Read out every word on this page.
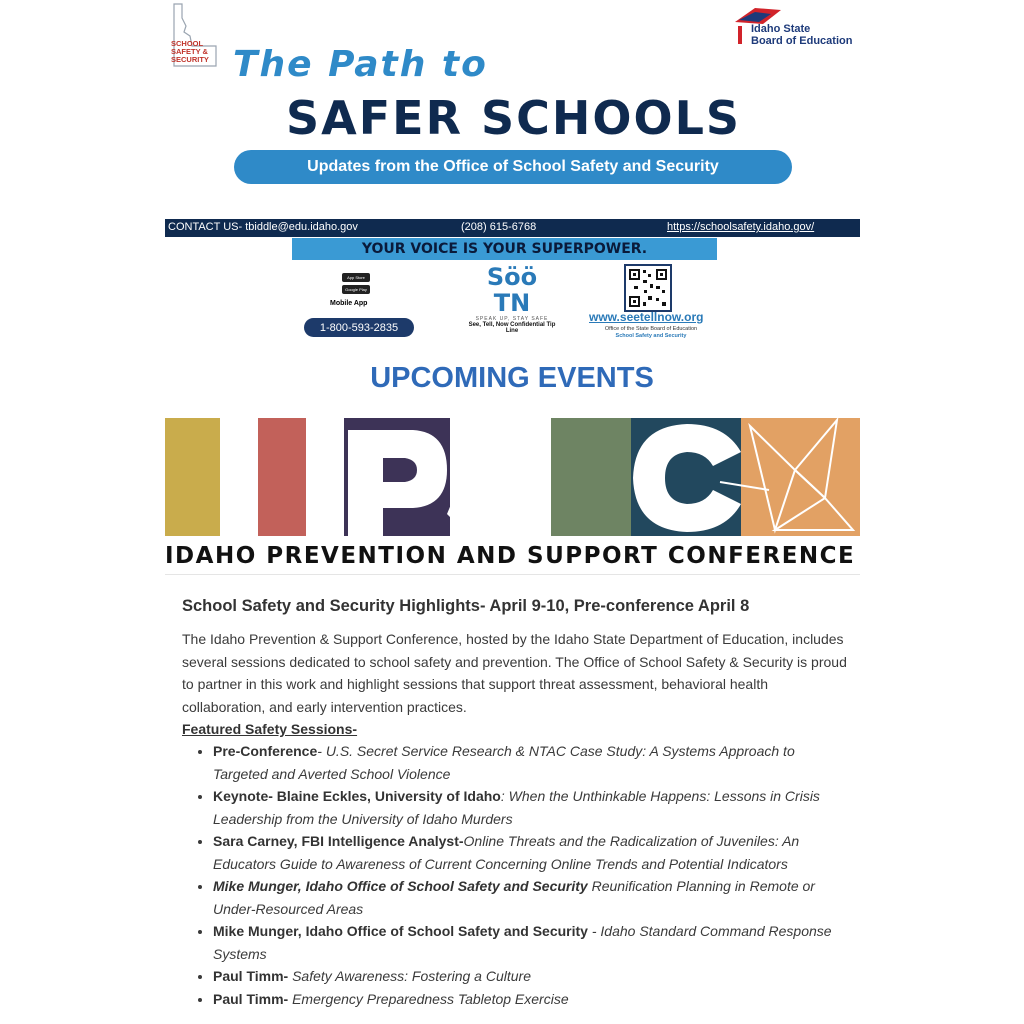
SCHOOL SAFETY & SECURITY
Idaho State
Board of Education
The Path to
SAFER SCHOOLS
Updates from the Office of School Safety and Security
CONTACT US- tbiddle@edu.idaho.gov	(208) 615-6768	https://schoolsafety.idaho.gov/
YOUR VOICE IS YOUR SUPERPOWER.
App Store
Google Play
Mobile App
1-800-593-2835
Söö
TN
SPEAK UP, STAY SAFE
See, Tell, Now Confidential Tip Line
www.seetellnow.org
Office of the State Board of Education
School Safety and Security
UPCOMING EVENTS
IDAHO PREVENTION AND SUPPORT CONFERENCE
School Safety and Security Highlights- April 9-10, Pre-conference April 8

The Idaho Prevention & Support Conference, hosted by the Idaho State Department of Education, includes several sessions dedicated to school safety and prevention. The Office of School Safety & Security is proud to partner in this work and highlight sessions that support threat assessment, behavioral health collaboration, and early intervention practices.

Featured Safety Sessions-
• Pre-Conference- U.S. Secret Service Research & NTAC Case Study: A Systems Approach to Targeted and Averted School Violence
• Keynote- Blaine Eckles, University of Idaho: When the Unthinkable Happens: Lessons in Crisis Leadership from the University of Idaho Murders
• Sara Carney, FBI Intelligence Analyst-Online Threats and the Radicalization of Juveniles: An Educators Guide to Awareness of Current Concerning Online Trends and Potential Indicators
• Mike Munger, Idaho Office of School Safety and Security Reunification Planning in Remote or Under-Resourced Areas
• Mike Munger, Idaho Office of School Safety and Security - Idaho Standard Command Response Systems
• Paul Timm- Safety Awareness: Fostering a Culture
• Paul Timm- Emergency Preparedness Tabletop Exercise
